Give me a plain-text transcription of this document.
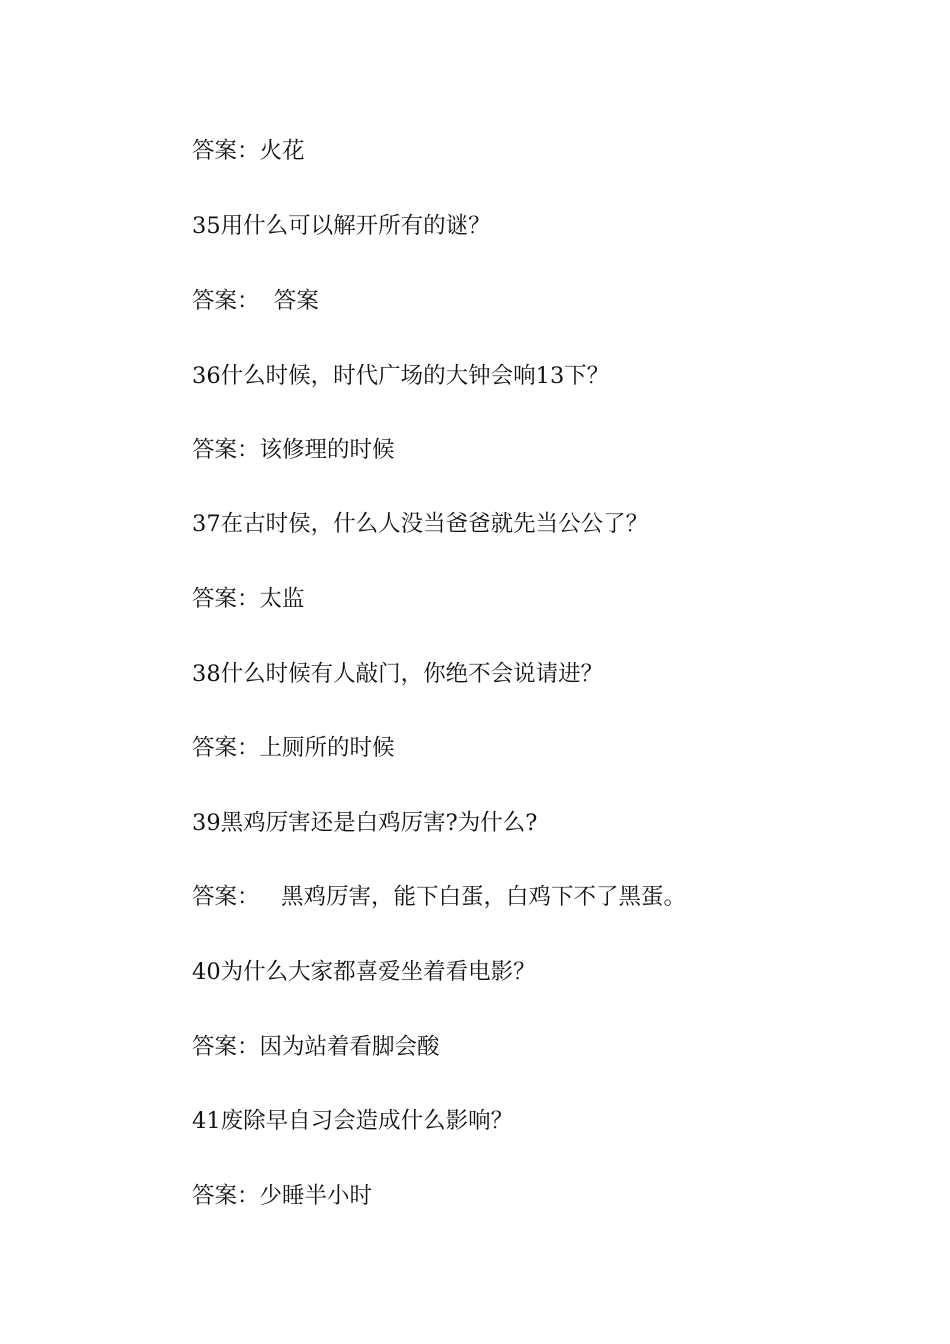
答案：火花
35用什么可以解开所有的谜？
答案：  答案
36什么时候，时代广场的大钟会响13下？
答案：该修理的时候
37在古时侯，什么人没当爸爸就先当公公了？
答案：太监
38什么时候有人敲门，你绝不会说请进？
答案：上厕所的时候
39黑鸡厉害还是白鸡厉害?为什么?
答案：   黑鸡厉害，能下白蛋，白鸡下不了黑蛋。
40为什么大家都喜爱坐着看电影？
答案：因为站着看脚会酸
41废除早自习会造成什么影响？
答案：少睡半小时
